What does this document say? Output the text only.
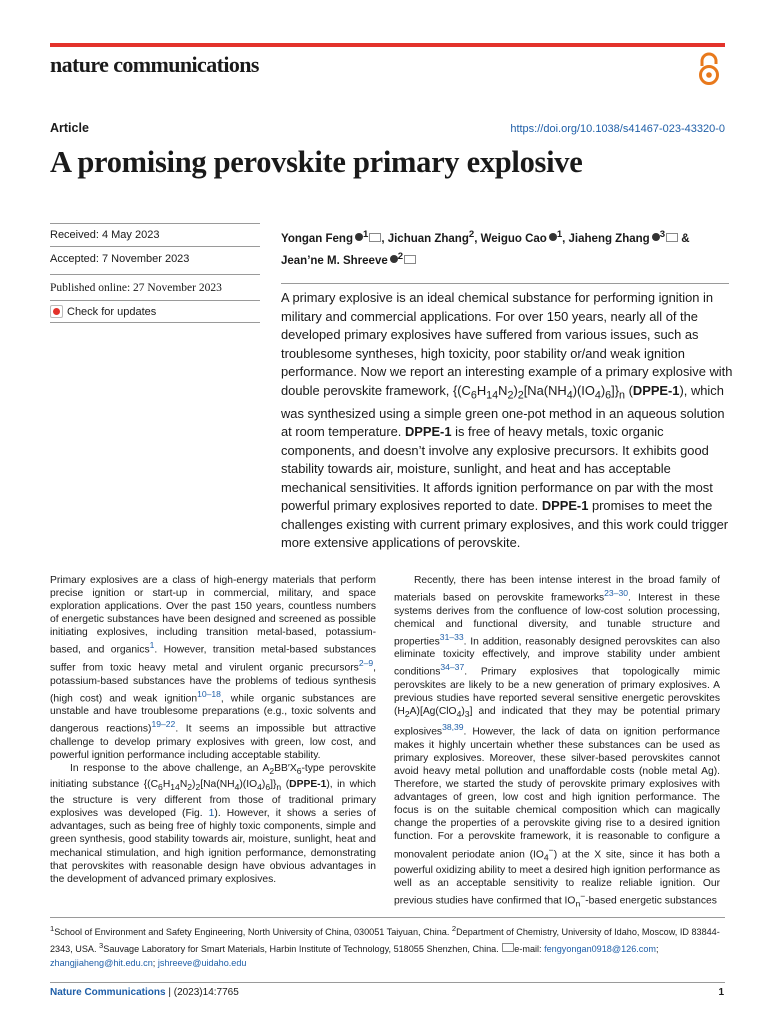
nature communications
Article	https://doi.org/10.1038/s41467-023-43320-0
A promising perovskite primary explosive
Received: 4 May 2023
Accepted: 7 November 2023
Published online: 27 November 2023
Check for updates
Yongan Feng $^1$ , Jichuan Zhang$^2$, Weiguo Cao $^1$, Jiaheng Zhang $^3$ & Jean’ne M. Shreeve $^2$

A primary explosive is an ideal chemical substance for performing ignition in military and commercial applications. For over 150 years, nearly all of the developed primary explosives have suffered from various issues, such as troublesome syntheses, high toxicity, poor stability or/and weak ignition performance. Now we report an interesting example of a primary explosive with double perovskite framework, $\{(C_6H_{14}N_2)_2[Na(NH_4)(IO_4)_6]\}_n$ (DPPE-1), which was synthesized using a simple green one-pot method in an aqueous solution at room temperature. DPPE-1 is free of heavy metals, toxic organic components, and doesn’t involve any explosive precursors. It exhibits good stability towards air, moisture, sunlight, and heat and has acceptable mechanical sensitivities. It affords ignition performance on par with the most powerful primary explosives reported to date. DPPE-1 promises to meet the challenges existing with current primary explosives, and this work could trigger more extensive applications of perovskite.

Primary explosives are a class of high-energy materials that perform precise ignition or start-up in commercial, military, and space exploration applications. Over the past 150 years, countless numbers of energetic substances have been designed and screened as possible initiating explosives, including transition metal-based, potassium-based, and organics$^1$. However, transition metal-based substances suffer from toxic heavy metal and virulent organic precursors$^{2-9}$, potassium-based substances have the problems of tedious synthesis (high cost) and weak ignition$^{10-18}$, while organic substances are unstable and have troublesome preparations (e.g., toxic solvents and dangerous reactions)$^{19-22}$. It seems an impossible but attractive challenge to develop primary explosives with green, low cost, and powerful ignition performance including acceptable stability.

In response to the above challenge, an $A_2BB'X_6$-type perovskite initiating substance $\{(C_6H_{14}N_2)_2[Na(NH_4)(IO_4)_6]\}_n$ (DPPE-1), in which the structure is very different from those of traditional primary explosives was developed (Fig. 1). However, it shows a series of advantages, such as being free of highly toxic components, simple and green synthesis, good stability towards air, moisture, sunlight, heat and mechanical stimulation, and high ignition performance, demonstrating that perovskites with reasonable design have obvious advantages in the development of advanced primary explosives.

Recently, there has been intense interest in the broad family of materials based on perovskite frameworks$^{23-30}$. Interest in these systems derives from the confluence of low-cost solution processing, chemical and functional diversity, and tunable structure and properties$^{31-33}$. In addition, reasonably designed perovskites can also eliminate toxicity effectively, and improve stability under ambient conditions$^{34-37}$. Primary explosives that topologically mimic perovskites are likely to be a new generation of primary explosives. A previous studies have reported several sensitive energetic perovskites $(H_2A)[Ag(ClO_4)_3]$ and indicated that they may be potential primary explosives$^{38,39}$. However, the lack of data on ignition performance makes it highly uncertain whether these substances can be used as primary explosives. Moreover, these silver-based perovskites cannot avoid heavy metal pollution and unaffordable costs (noble metal Ag). Therefore, we started the study of perovskite primary explosives with advantages of green, low cost and high ignition performance. The focus is on the suitable chemical composition which can magically change the properties of a perovskite giving rise to a desired ignition function. For a perovskite framework, it is reasonable to configure a monovalent periodate anion $(IO_4^-)$ at the X site, since it has both a powerful oxidizing ability to meet a desired high ignition performance as well as an acceptable sensitivity to realize reliable ignition. Our previous studies have confirmed that $IO_n^-$-based energetic substances

$^1$School of Environment and Safety Engineering, North University of China, 030051 Taiyuan, China. $^2$Department of Chemistry, University of Idaho, Moscow, ID 83844-2343, USA. $^3$Sauvage Laboratory for Smart Materials, Harbin Institute of Technology, 518055 Shenzhen, China. e-mail: fengyongan0918@126.com; zhangjiaheng@hit.edu.cn; jshreeve@uidaho.edu

Nature Communications | (2023)14:7765	1
